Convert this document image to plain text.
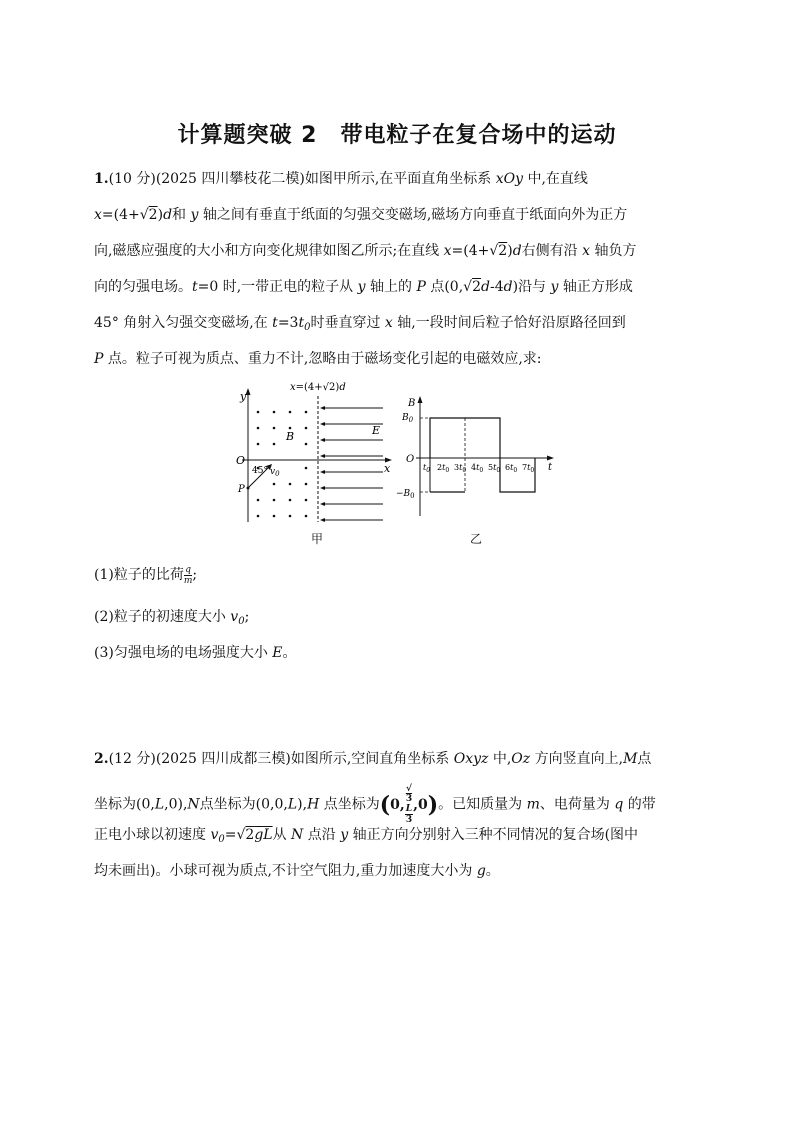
计算题突破 2　带电粒子在复合场中的运动
1.(10 分)(2025 四川攀枝花二模)如图甲所示,在平面直角坐标系 xOy 中,在直线
x=(4+√2)d和 y 轴之间有垂直于纸面的匀强交变磁场,磁场方向垂直于纸面向外为正方
向,磁感应强度的大小和方向变化规律如图乙所示;在直线 x=(4+√2)d右侧有沿 x 轴负方
向的匀强电场。t=0 时,一带正电的粒子从 y 轴上的 P 点(0,√2d-4d)沿与 y 轴正方形成
45° 角射入匀强交变磁场,在 $t=3t_0$时垂直穿过 x 轴,一段时间后粒子恰好沿原路径回到
P 点。粒子可视为质点、重力不计,忽略由于磁场变化引起的电磁效应,求:
y
x
O
B
P
45° $v_0$
E
x=(4+√2)d
B
t
O
$B_0$
$-B_0$
$t_0$ $2t_0$ $3t_0$ $4t_0$ $5t_0$ $6t_0$ $7t_0$
甲	乙
(1)粒子的比荷 $\frac{q}{m}$ ;
(2)粒子的初速度大小 $v_0$;
(3)匀强电场的电场强度大小 E。
2.(12 分)(2025 四川成都三模)如图所示,空间直角坐标系 Oxyz 中,Oz 方向竖直向上,M点
坐标为(0,L,0),N点坐标为(0,0,L),H 点坐标为(0, √
3
L
3 ,0)。已知质量为 m、电荷量为 q 的带
正电小球以初速度 $v_0=√2gL$从 N 点沿 y 轴正方向分别射入三种不同情况的复合场(图中
均未画出)。小球可视为质点,不计空气阻力,重力加速度大小为 g。
